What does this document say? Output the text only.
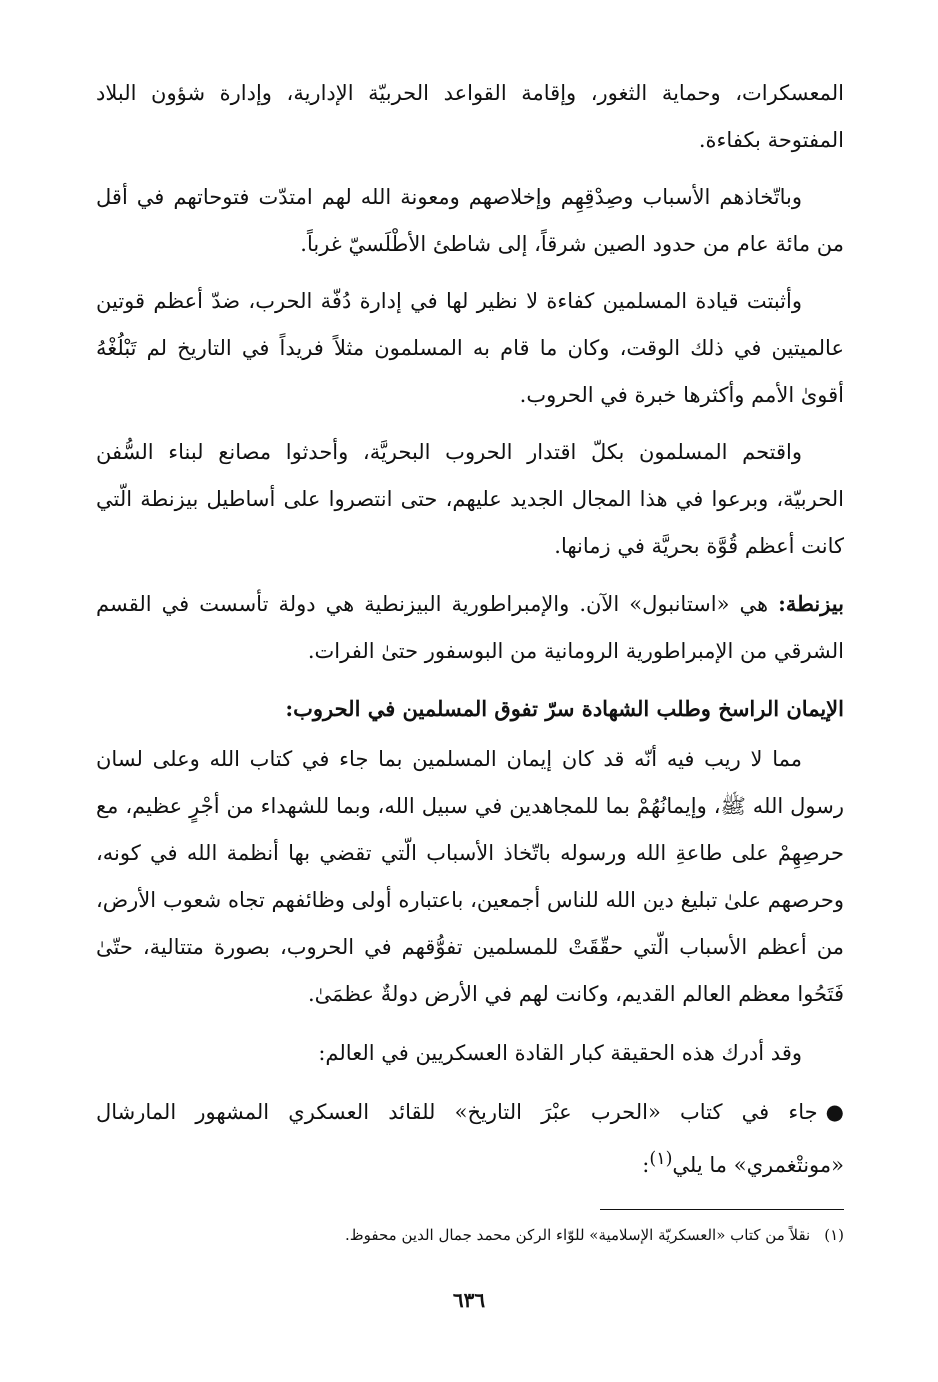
المعسكرات، وحماية الثغور، وإقامة القواعد الحربيّة الإدارية، وإدارة شؤون البلاد المفتوحة بكفاءة.

وباتّخاذهم الأسباب وصِدْقِهِم وإخلاصهم ومعونة الله لهم امتدّت فتوحاتهم في أقل من مائة عام من حدود الصين شرقاً، إلى شاطئ الأطْلَسيّ غرباً.

وأثبتت قيادة المسلمين كفاءة لا نظير لها في إدارة دُفّة الحرب، ضدّ أعظم قوتين عالميتين في ذلك الوقت، وكان ما قام به المسلمون مثلاً فريداً في التاريخ لم تَبْلُغْهُ أقوىٰ الأمم وأكثرها خبرة في الحروب.

واقتحم المسلمون بكلّ اقتدار الحروب البحريَّة، وأحدثوا مصانع لبناء السُّفن الحربيّة، وبرعوا في هذا المجال الجديد عليهم، حتى انتصروا على أساطيل بيزنطة الّتي كانت أعظم قُوَّة بحريَّة في زمانها.

بيزنطة: هي «استانبول» الآن. والإمبراطورية البيزنطية هي دولة تأسست في القسم الشرقي من الإمبراطورية الرومانية من البوسفور حتىٰ الفرات.

الإيمان الراسخ وطلب الشهادة سرّ تفوق المسلمين في الحروب:

مما لا ريب فيه أنّه قد كان إيمان المسلمين بما جاء في كتاب الله وعلى لسان رسول الله ﷺ، وإيمانُهُمْ بما للمجاهدين في سبيل الله، وبما للشهداء من أجْرٍ عظيم، مع حرصِهِمْ على طاعةِ الله ورسوله باتّخاذ الأسباب الّتي تقضي بها أنظمة الله في كونه، وحرصهم علىٰ تبليغ دين الله للناس أجمعين، باعتباره أولى وظائفهم تجاه شعوب الأرض، من أعظم الأسباب الّتي حقّقَتْ للمسلمين تفوُّقهم في الحروب، بصورة متتالية، حتّىٰ فَتَحُوا معظم العالم القديم، وكانت لهم في الأرض دولةٌ عظمَىٰ.

وقد أدرك هذه الحقيقة كبار القادة العسكريين في العالم:

●جاء في كتاب «الحرب عبْرَ التاريخ» للقائد العسكري المشهور المارشال «مونتْغمري» ما يلي$^{(١)}$:

(١)نقلاً من كتاب «العسكريّة الإسلامية» للوّاء الركن محمد جمال الدين محفوظ.
٦٣٦
